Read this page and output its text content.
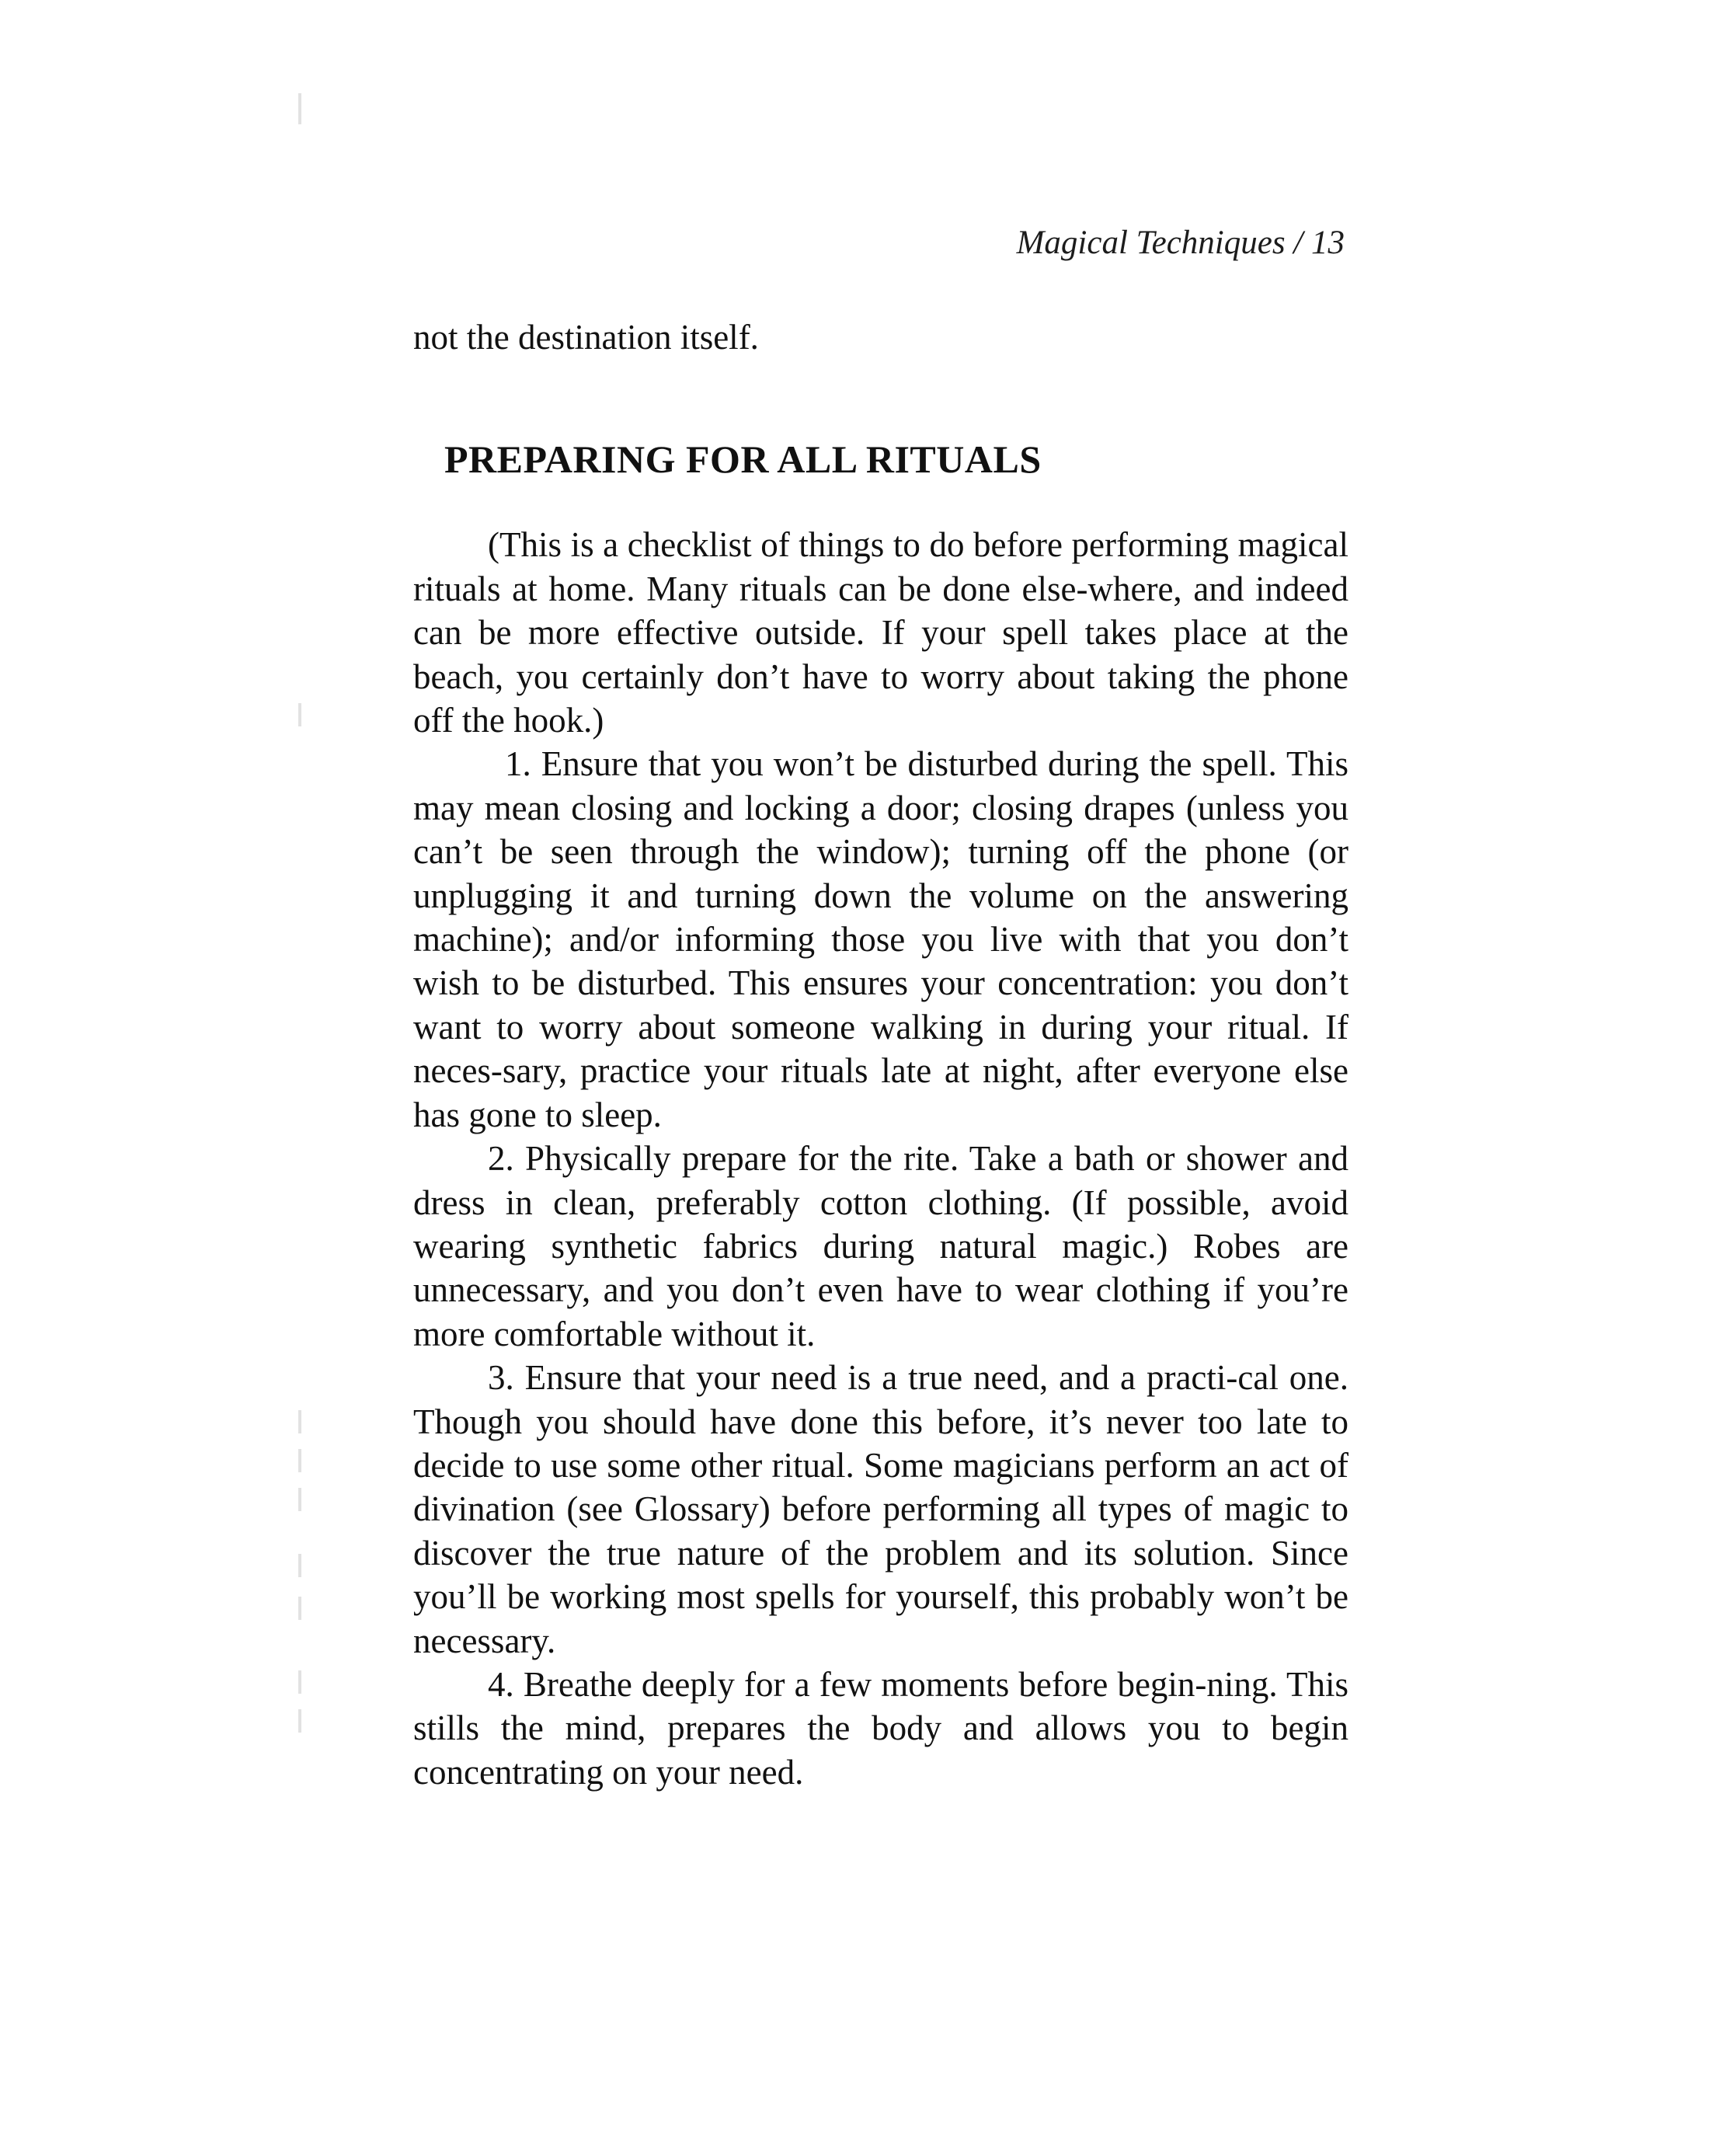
Magical Techniques / 13
not the destination itself.
PREPARING FOR ALL RITUALS

(This is a checklist of things to do before performing magical rituals at home. Many rituals can be done else-where, and indeed can be more effective outside. If your spell takes place at the beach, you certainly don’t have to worry about taking the phone off the hook.)

1. Ensure that you won’t be disturbed during the spell. This may mean closing and locking a door; closing drapes (unless you can’t be seen through the window); turning off the phone (or unplugging it and turning down the volume on the answering machine); and/or informing those you live with that you don’t wish to be disturbed. This ensures your concentration: you don’t want to worry about someone walking in during your ritual. If neces-sary, practice your rituals late at night, after everyone else has gone to sleep.

2. Physically prepare for the rite. Take a bath or shower and dress in clean, preferably cotton clothing. (If possible, avoid wearing synthetic fabrics during natural magic.) Robes are unnecessary, and you don’t even have to wear clothing if you’re more comfortable without it.

3. Ensure that your need is a true need, and a practi-cal one. Though you should have done this before, it’s never too late to decide to use some other ritual. Some magicians perform an act of divination (see Glossary) before performing all types of magic to discover the true nature of the problem and its solution. Since you’ll be working most spells for yourself, this probably won’t be necessary.

4. Breathe deeply for a few moments before begin-ning. This stills the mind, prepares the body and allows you to begin concentrating on your need.
